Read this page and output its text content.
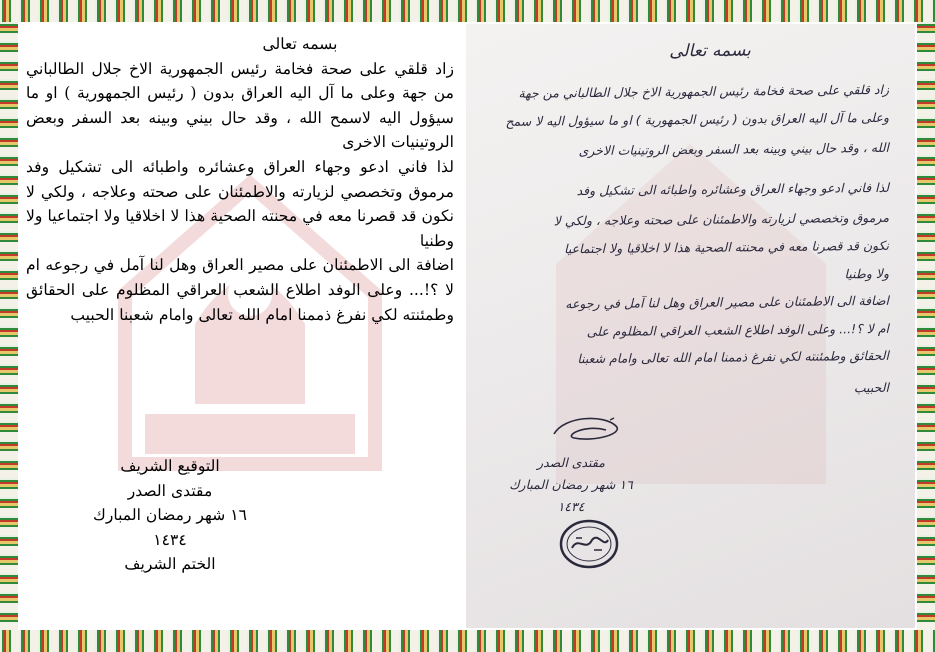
بسمه تعالى

زاد قلقي على صحة فخامة رئيس الجمهورية الاخ جلال الطالباني من جهة وعلى ما آل اليه العراق بدون ( رئيس الجمهورية ) او ما سيؤول اليه لاسمح الله ، وقد حال بيني وبينه بعد السفر وبعض الروتينيات الاخرى

لذا فاني ادعو وجهاء العراق وعشائره واطبائه الى تشكيل وفد مرموق وتخصصي لزيارته والاطمئنان على صحته وعلاجه ، ولكي لا نكون قد قصرنا معه في محنته الصحية هذا لا اخلاقيا ولا اجتماعيا ولا وطنيا

اضافة الى الاطمئنان على مصير العراق وهل لنا آمل في رجوعه ام لا ؟!... وعلى الوفد اطلاع الشعب العراقي المظلوم على الحقائق وطمئنته لكي نفرغ ذممنا امام الله تعالى وامام شعبنا الحبيب

التوقيع الشريف
مقتدى الصدر
١٦ شهر رمضان المبارك
١٤٣٤
الختم الشريف
بسمه تعالى
زاد قلقي على صحة فخامة رئيس الجمهورية الاخ جلال الطالباني من جهة
وعلى ما آل اليه العراق بدون ( رئيس الجمهورية ) او ما سيؤول اليه لا سمح
الله ، وقد حال بيني وبينه بعد السفر وبعض الروتينيات الاخرى
لذا فاني ادعو وجهاء العراق وعشائره واطبائه الى تشكيل وفد
مرموق وتخصصي لزيارته والاطمئنان على صحته وعلاجه ، ولكي لا
نكون قد قصرنا معه في محنته الصحية هذا لا اخلاقيا ولا اجتماعيا
ولا وطنيا
اضافة الى الاطمئنان على مصير العراق وهل لنا آمل في رجوعه
ام لا ؟!... وعلى الوفد اطلاع الشعب العراقي المظلوم على
الحقائق وطمئنته لكي نفرغ ذممنا امام الله تعالى وامام شعبنا
الحبيب
مقتدى الصدر
١٦ شهر رمضان المبارك
١٤٣٤
